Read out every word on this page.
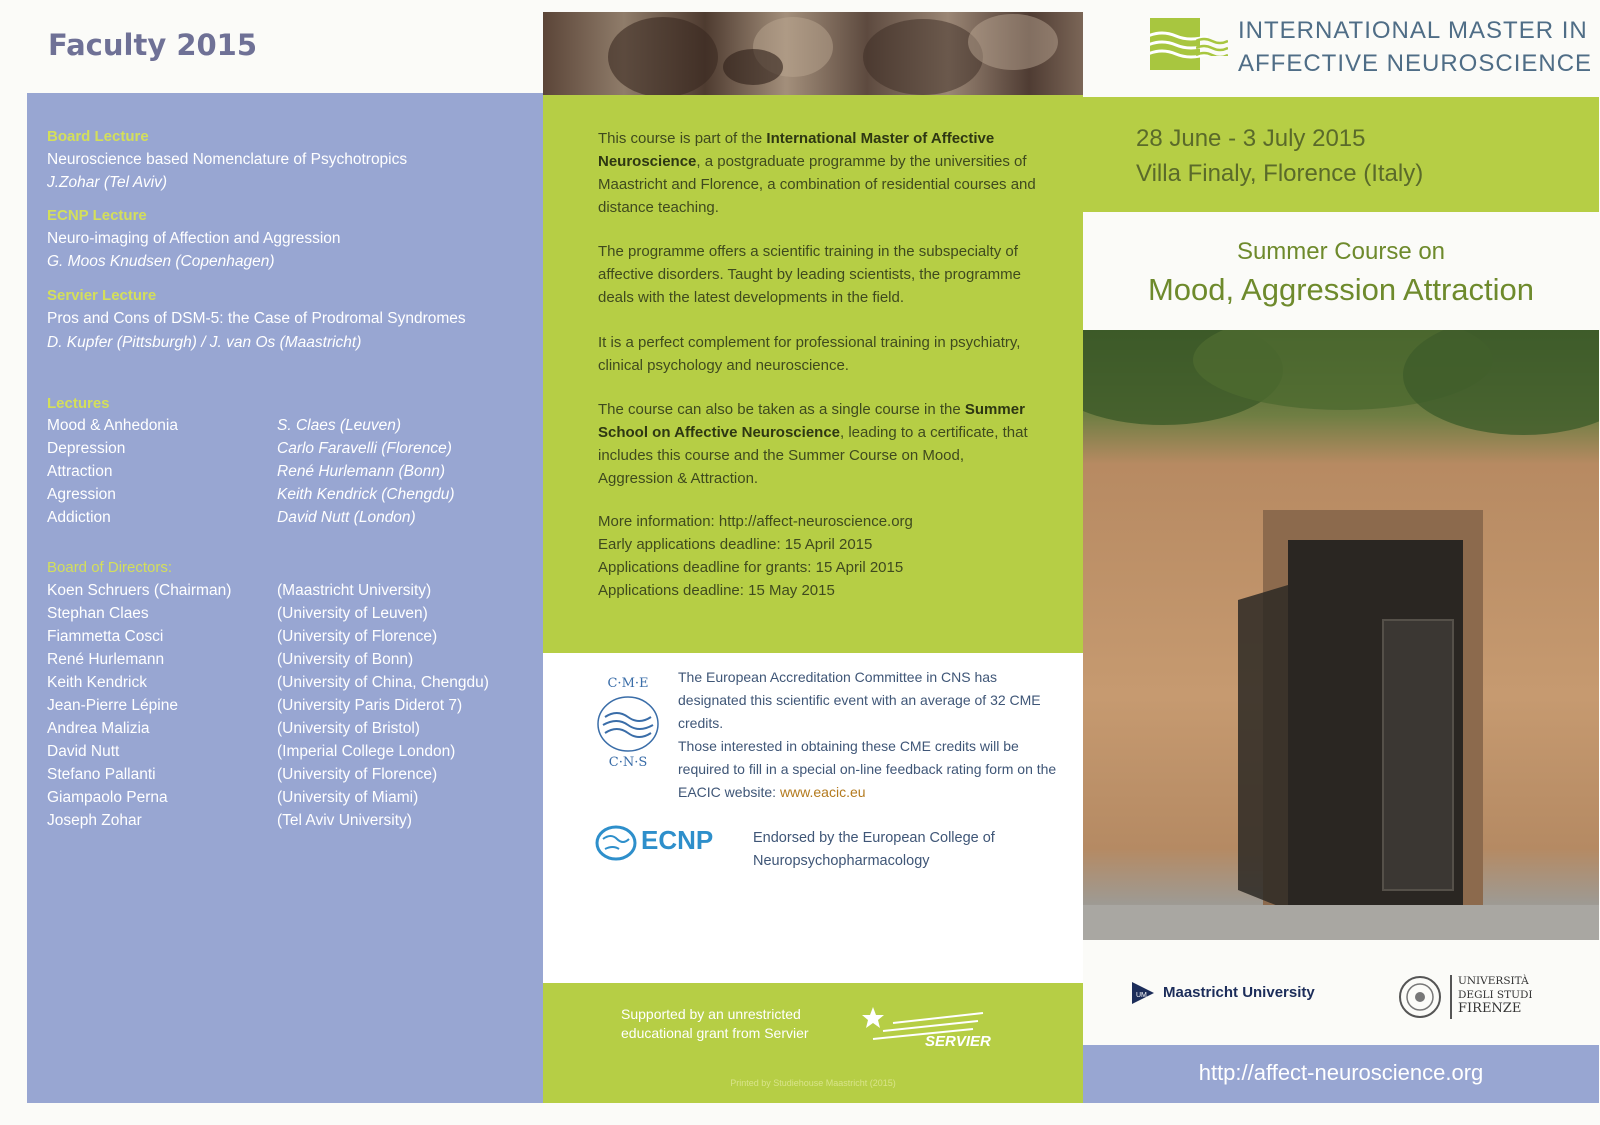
Faculty 2015
Board Lecture
Neuroscience based Nomenclature of Psychotropics
J.Zohar (Tel Aviv)
ECNP Lecture
Neuro-imaging of Affection and Aggression
G. Moos Knudsen (Copenhagen)
Servier Lecture
Pros and Cons of DSM-5: the Case of Prodromal Syndromes
D. Kupfer (Pittsburgh) / J. van Os (Maastricht)
Lectures
Mood & Anhedonia	S. Claes (Leuven)
Depression	Carlo Faravelli (Florence)
Attraction	René Hurlemann (Bonn)
Agression	Keith Kendrick (Chengdu)
Addiction	David Nutt (London)
Board of Directors:
Koen Schruers (Chairman)	(Maastricht University)
Stephan Claes	(University of Leuven)
Fiammetta Cosci	(University of Florence)
René Hurlemann	(University of Bonn)
Keith Kendrick	(University of China, Chengdu)
Jean-Pierre Lépine	(University Paris Diderot 7)
Andrea Malizia	(University of Bristol)
David Nutt	(Imperial College London)
Stefano Pallanti	(University of Florence)
Giampaolo Perna	(University of Miami)
Joseph Zohar	(Tel Aviv University)
This course is part of the International Master of Affective Neuroscience, a postgraduate programme by the universities of Maastricht and Florence, a combination of residential courses and distance teaching.
The programme offers a scientific training in the subspecialty of affective disorders. Taught by leading scientists, the programme deals with the latest developments in the field.
It is a perfect complement for professional training in psychiatry, clinical psychology and neuroscience.
The course can also be taken as a single course in the Summer School on Affective Neuroscience, leading to a certificate, that includes this course and the Summer Course on Mood, Aggression & Attraction.
More information: http://affect-neuroscience.org
Early applications deadline: 15 April 2015
Applications deadline for grants: 15 April 2015
Applications deadline: 15 May 2015
C·M·E
C·N·S
The European Accreditation Committee in CNS has designated this scientific event with an average of 32 CME credits.
Those interested in obtaining these CME credits will be required to fill in a special on-line feedback rating form on the EACIC website: www.eacic.eu
ECNP	Endorsed by the European College of Neuropsychopharmacology
Supported by an unrestricted educational grant from Servier	SERVIER
Printed by Studiehouse Maastricht (2015)
INTERNATIONAL MASTER IN
AFFECTIVE NEUROSCIENCE
28 June - 3 July 2015
Villa Finaly, Florence (Italy)
Summer Course on
Mood, Aggression Attraction
UM Maastricht University
UNIVERSITÀ
DEGLI STUDI
FIRENZE
http://affect-neuroscience.org
